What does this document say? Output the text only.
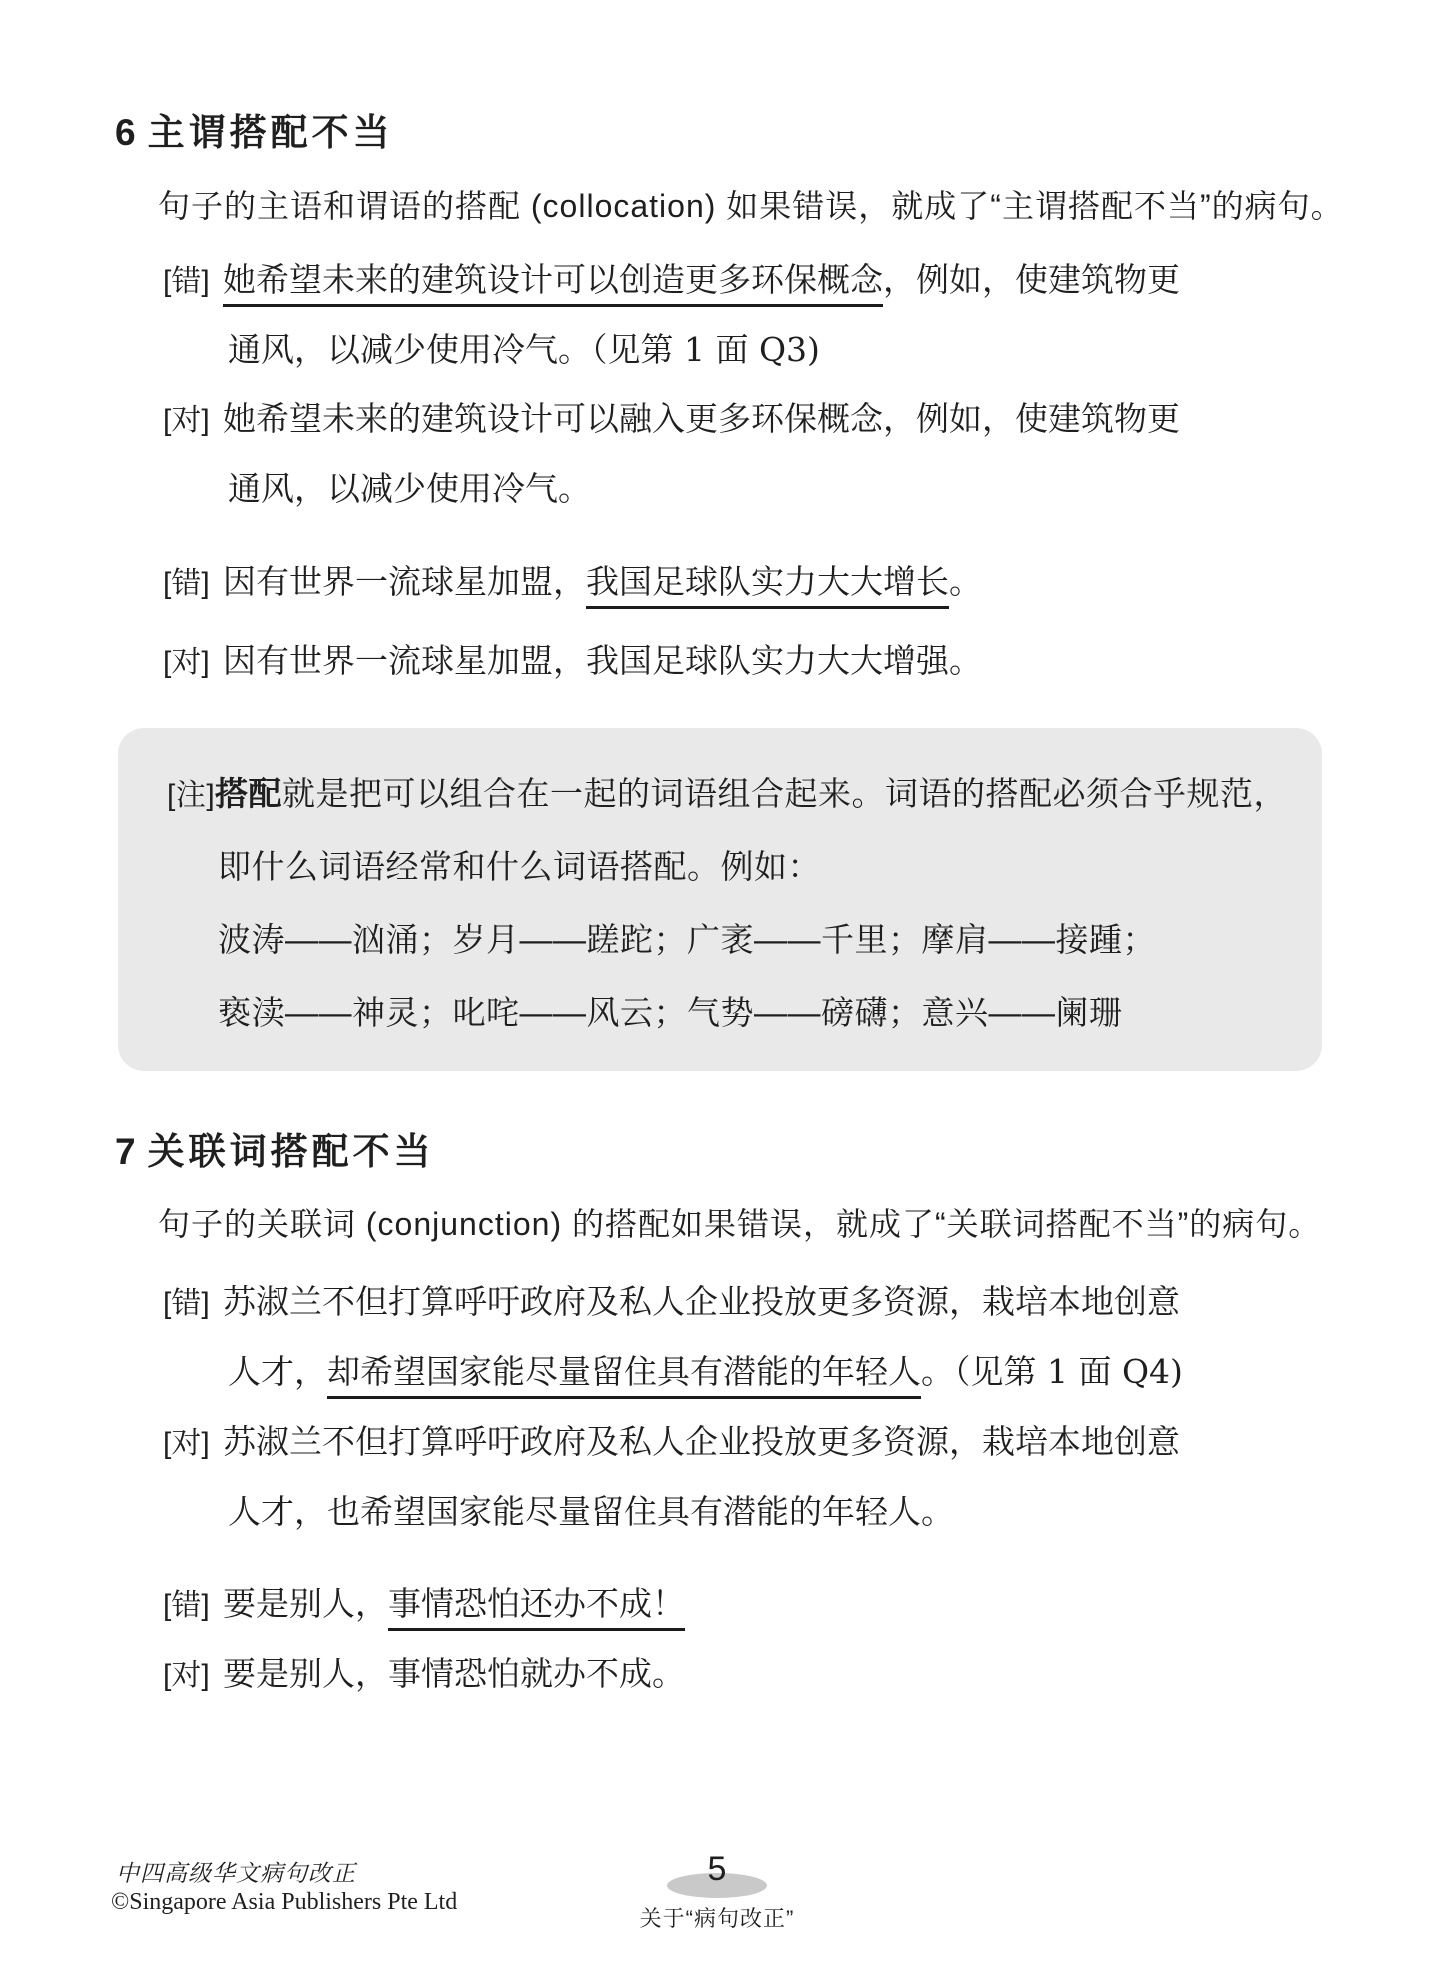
6 主谓搭配不当
句子的主语和谓语的搭配 (collocation) 如果错误，就成了“主谓搭配不当”的病句。
[错] 她希望未来的建筑设计可以创造更多环保概念，例如，使建筑物更
通风，以减少使用冷气。（见第 1 面 Q3)
[对] 她希望未来的建筑设计可以融入更多环保概念，例如，使建筑物更
通风，以减少使用冷气。
[错] 因有世界一流球星加盟，我国足球队实力大大增长。
[对] 因有世界一流球星加盟，我国足球队实力大大增强。
[注]搭配就是把可以组合在一起的词语组合起来。词语的搭配必须合乎规范，
即什么词语经常和什么词语搭配。例如：
波涛——汹涌；岁月——蹉跎；广袤——千里；摩肩——接踵；
亵渎——神灵；叱咤——风云；气势——磅礴；意兴——阑珊
7 关联词搭配不当
句子的关联词 (conjunction) 的搭配如果错误，就成了“关联词搭配不当”的病句。
[错] 苏淑兰不但打算呼吁政府及私人企业投放更多资源，栽培本地创意
人才，却希望国家能尽量留住具有潜能的年轻人。（见第 1 面 Q4)
[对] 苏淑兰不但打算呼吁政府及私人企业投放更多资源，栽培本地创意
人才，也希望国家能尽量留住具有潜能的年轻人。
[错] 要是别人，事情恐怕还办不成！
[对] 要是别人，事情恐怕就办不成。
中四高级华文病句改正
©Singapore Asia Publishers Pte Ltd
5
关于“病句改正”
